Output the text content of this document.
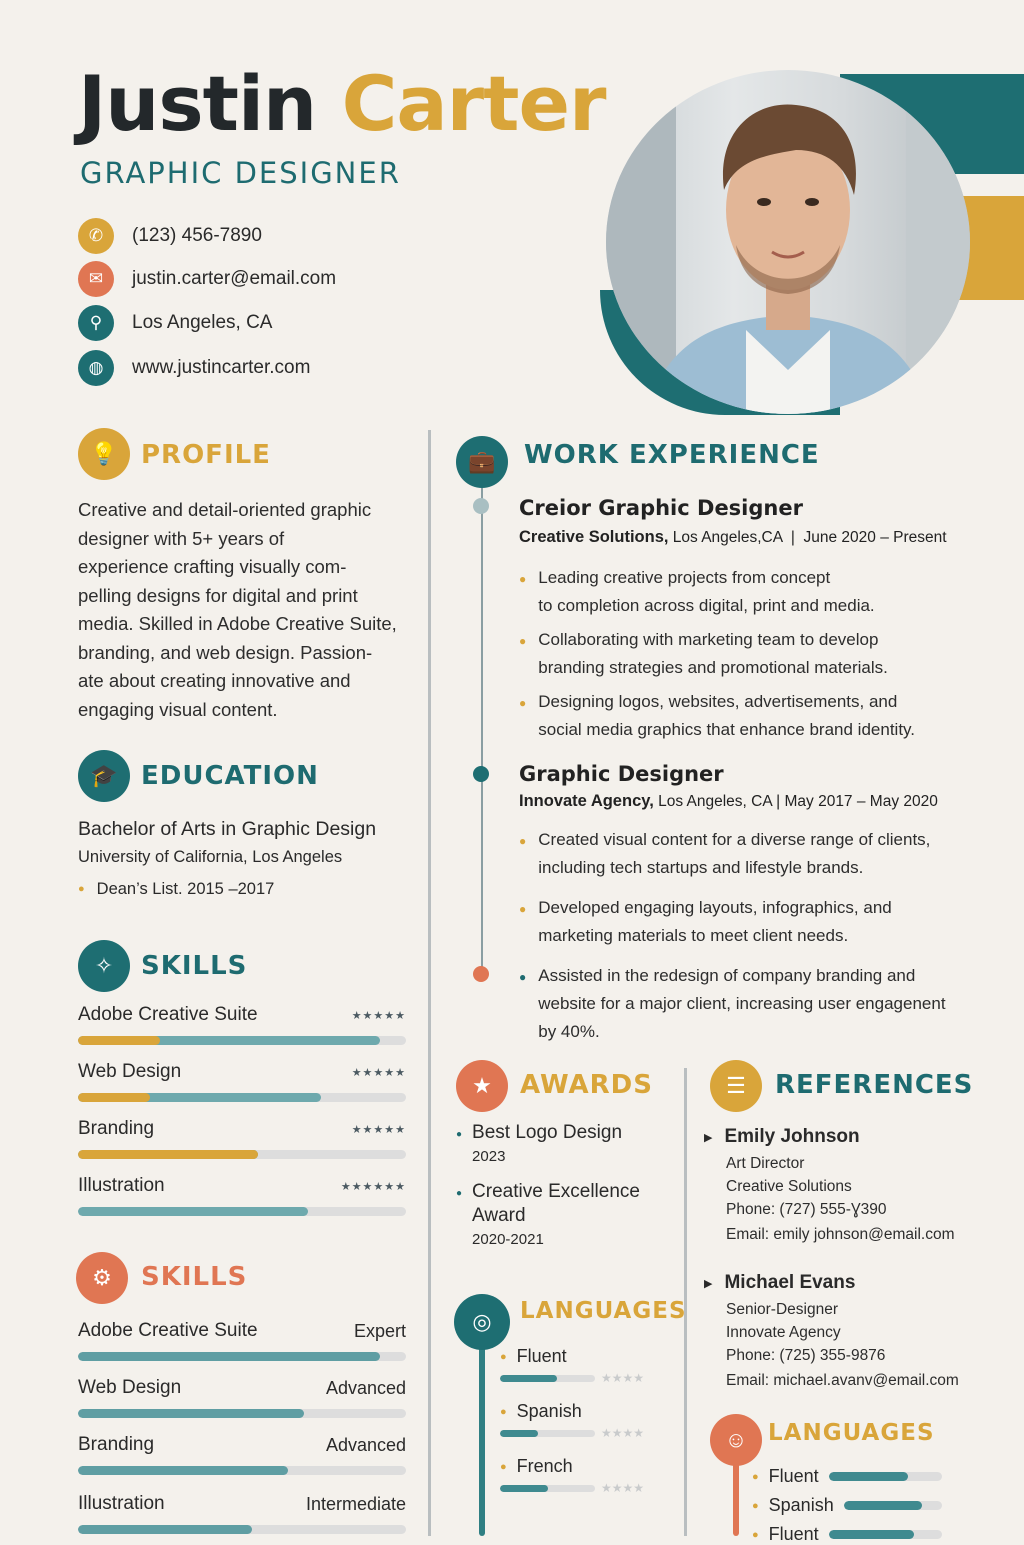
Justin Carter
GRAPHIC DESIGNER
✆	(123) 456-7890
✉	justin.carter@email.com
⚲	Los Angeles, CA
◍	www.justincarter.com
💡 PROFILE
Creative and detail-oriented graphic
designer with 5+ years of
experience crafting visually com-
pelling designs for digital and print
media. Skilled in Adobe Creative Suite,
branding, and web design. Passion-
ate about creating innovative and
engaging visual content.
🎓 EDUCATION
Bachelor of Arts in Graphic Design
University of California, Los Angeles
● Dean’s List. 2015 –2017
✧	SKILLS
Adobe Creative Suite	★★★★★
Web Design	★★★★★
Branding	★★★★★
Illustration	★★★★★★
⚙	SKILLS
Adobe Creative Suite	Expert
Web Design	Advanced
Branding	Advanced
Illustration	Intermediate
💼	WORK EXPERIENCE
Creior Graphic Designer
Creative Solutions, Los Angeles,CA  |  June 2020 – Present
● Leading creative projects from concept
to completion across digital, print and media.
● Collaborating with marketing team to develop
branding strategies and promotional materials.
● Designing logos, websites, advertisements, and
social media graphics that enhance brand identity.
Graphic Designer
Innovate Agency, Los Angeles, CA | May 2017 – May 2020
● Created visual content for a diverse range of clients,
including tech startups and lifestyle brands.
● Developed engaging layouts, infographics, and
marketing materials to meet client needs.
● Assisted in the redesign of company branding and
website for a major client, increasing user engagenent
by 40%.
★	AWARDS
● Best Logo Design
2023
● Creative Excellence
Award
2020-2021
◎	LANGUAGES
● Fluent
★★★★
● Spanish
★★★★
● French
★★★★
☰	REFERENCES
▶ Emily Johnson
Art Director
Creative Solutions
Phone: (727) 555-Ɣ390
Email: emily johnson@email.com
▶ Michael Evans
Senior-Designer
Innovate Agency
Phone: (725) 355-9876
Email: michael.avanv@email.com
☺ LANGUAGES
● Fluent
● Spanish
● Fluent
